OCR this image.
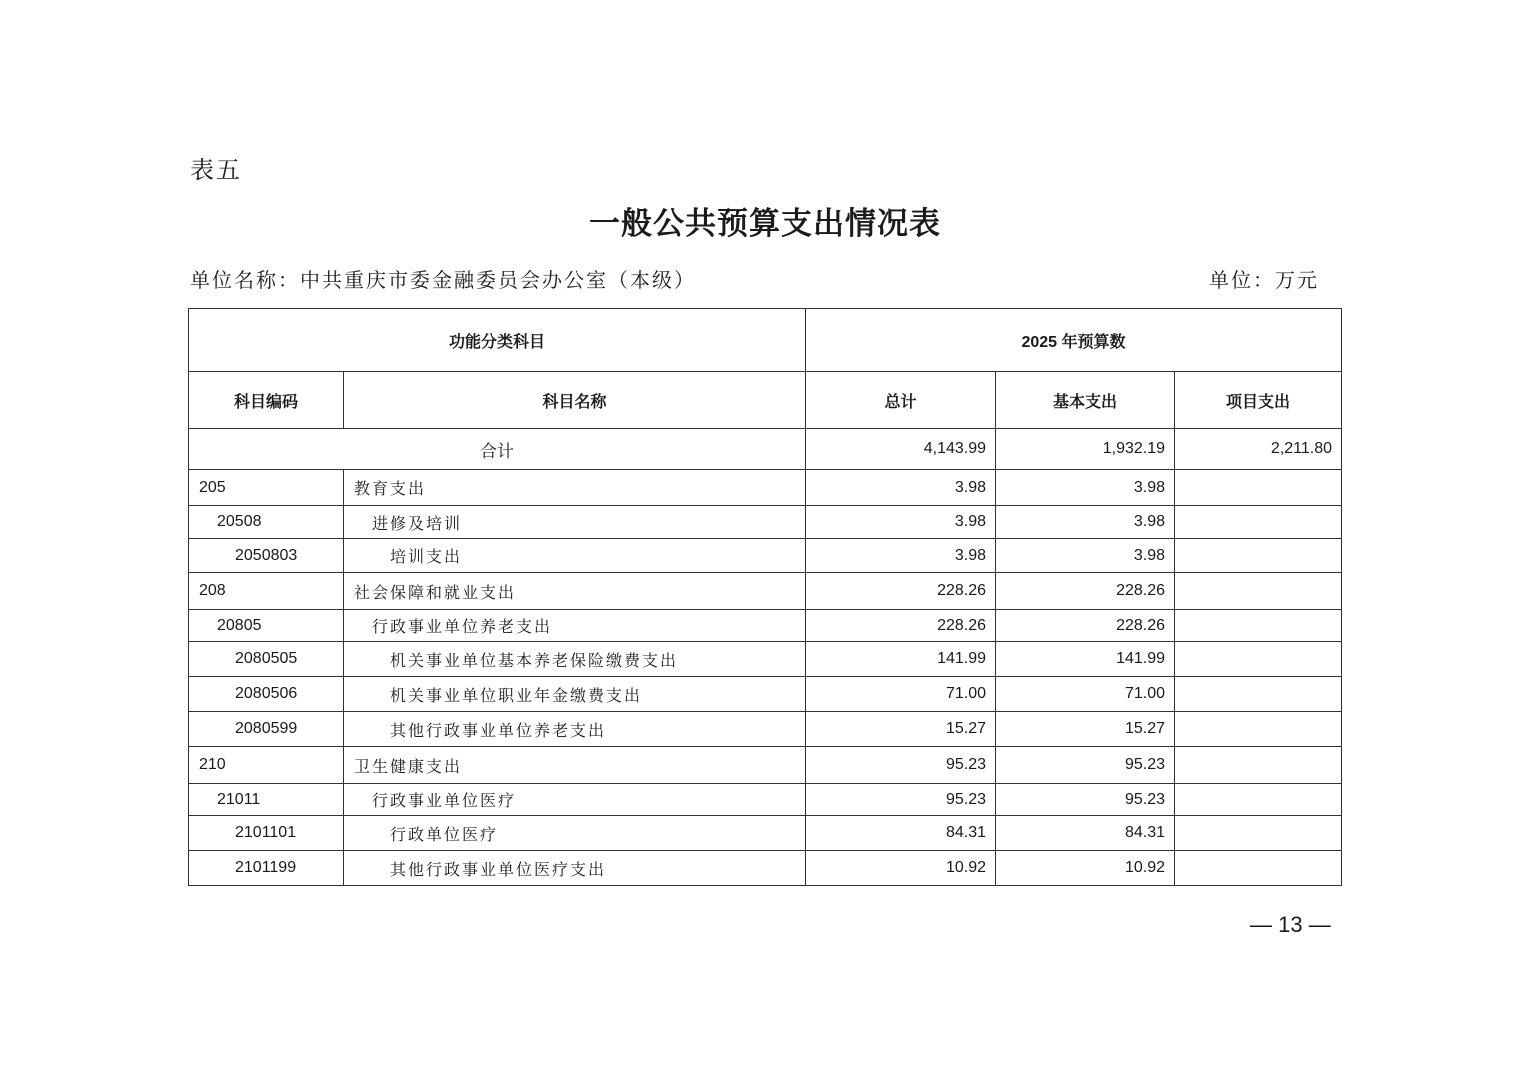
表五
一般公共预算支出情况表
单位名称：中共重庆市委金融委员会办公室（本级）	单位：万元
功能分类科目		2025 年预算数		
科目编码	科目名称	总计	基本支出	项目支出
合计		4,143.99	1,932.19	2,211.80
205	教育支出	3.98	3.98	
20508	进修及培训	3.98	3.98	
2050803	培训支出	3.98	3.98	
208	社会保障和就业支出	228.26	228.26	
20805	行政事业单位养老支出	228.26	228.26	
2080505	机关事业单位基本养老保险缴费支出	141.99	141.99	
2080506	机关事业单位职业年金缴费支出	71.00	71.00	
2080599	其他行政事业单位养老支出	15.27	15.27	
210	卫生健康支出	95.23	95.23	
21011	行政事业单位医疗	95.23	95.23	
2101101	行政单位医疗	84.31	84.31	
2101199	其他行政事业单位医疗支出	10.92	10.92	
— 13 —
